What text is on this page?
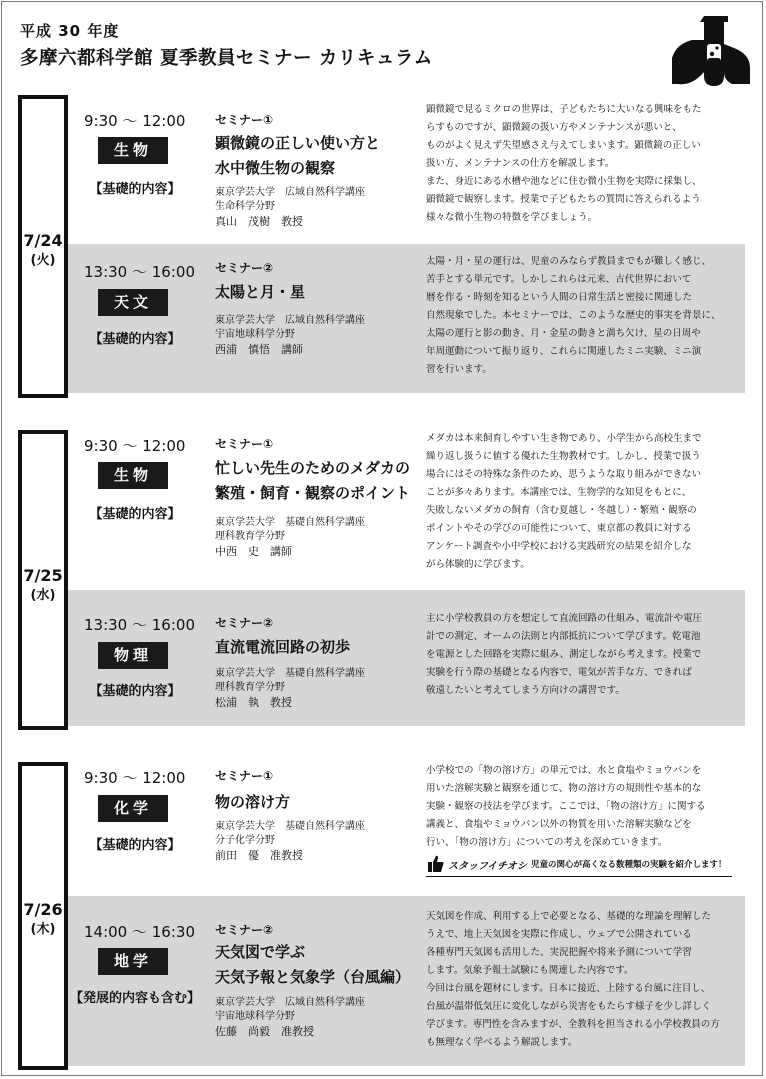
平成 30 年度
多摩六都科学館 夏季教員セミナー カリキュラム
7/24
(火)
9:30 ～ 12:00
生物
【基礎的内容】
セミナー①
顕微鏡の正しい使い方と
水中微生物の観察
東京学芸大学　広域自然科学講座
生命科学分野
真山　茂樹　教授
顕微鏡で見るミクロの世界は、子どもたちに大いなる興味をもた
らすものですが、顕微鏡の扱い方やメンテナンスが悪いと、
ものがよく見えず失望感さえ与えてしまいます。顕微鏡の正しい
扱い方、メンテナンスの仕方を解説します。
また、身近にある水槽や池などに住む微小生物を実際に採集し、
顕微鏡で観察します。授業で子どもたちの質問に答えられるよう
様々な微小生物の特徴を学びましょう。
13:30 ～ 16:00
天文
【基礎的内容】
セミナー②
太陽と月・星
東京学芸大学　広域自然科学講座
宇宙地球科学分野
西浦　慎悟　講師
太陽・月・星の運行は、児童のみならず教員までもが難しく感じ、
苦手とする単元です。しかしこれらは元来、古代世界において
暦を作る・時刻を知るという人間の日常生活と密接に関連した
自然現象でした。本セミナーでは、このような歴史的事実を背景に、
太陽の運行と影の動き、月・金星の動きと満ち欠け、星の日周や
年周運動について振り返り、これらに関連したミニ実験、ミニ演
習を行います。
7/25
(水)
9:30 ～ 12:00
生物
【基礎的内容】
セミナー①
忙しい先生のためのメダカの
繁殖・飼育・観察のポイント
東京学芸大学　基礎自然科学講座
理科教育学分野
中西　史　講師
メダカは本来飼育しやすい生き物であり、小学生から高校生まで
繰り返し扱うに値する優れた生物教材です。しかし、授業で扱う
場合にはその特殊な条件のため、思うような取り組みができない
ことが多々あります。本講座では、生物学的な知見をもとに、
失敗しないメダカの飼育（含む夏越し・冬越し）・繁殖・観察の
ポイントやその学びの可能性について、東京都の教員に対する
アンケート調査や小中学校における実践研究の結果を紹介しな
がら体験的に学びます。
13:30 ～ 16:00
物理
【基礎的内容】
セミナー②
直流電流回路の初歩
東京学芸大学　基礎自然科学講座
理科教育学分野
松浦　執　教授
主に小学校教員の方を想定して直流回路の仕組み、電流計や電圧
計での測定、オームの法則と内部抵抗について学びます。乾電池
を電源とした回路を実際に組み、測定しながら考えます。授業で
実験を行う際の基礎となる内容で、電気が苦手な方、できれば
敬遠したいと考えてしまう方向けの講習です。
7/26
(木)
9:30 ～ 12:00
化学
【基礎的内容】
セミナー①
物の溶け方
東京学芸大学　基礎自然科学講座
分子化学分野
前田　優　准教授
小学校での「物の溶け方」の単元では、水と食塩やミョウバンを
用いた溶解実験と観察を通じて、物の溶け方の規則性や基本的な
実験・観察の技法を学びます。ここでは、「物の溶け方」に関する
講義と、食塩やミョウバン以外の物質を用いた溶解実験などを
行い、「物の溶け方」についての考えを深めていきます。
スタッフイチオシ 児童の関心が高くなる数種類の実験を紹介します！
14:00 ～ 16:30
地学
【発展的内容も含む】
セミナー②
天気図で学ぶ
天気予報と気象学（台風編）
東京学芸大学　広域自然科学講座
宇宙地球科学分野
佐藤　尚毅　准教授
天気図を作成、利用する上で必要となる、基礎的な理論を理解した
うえで、地上天気図を実際に作成し、ウェブで公開されている
各種専門天気図も活用した、実況把握や将来予測について学習
します。気象予報士試験にも関連した内容です。
今回は台風を題材にします。日本に接近、上陸する台風に注目し、
台風が温帯低気圧に変化しながら災害をもたらす様子を少し詳しく
学びます。専門性を含みますが、全教科を担当される小学校教員の方
も無理なく学べるよう解説します。
